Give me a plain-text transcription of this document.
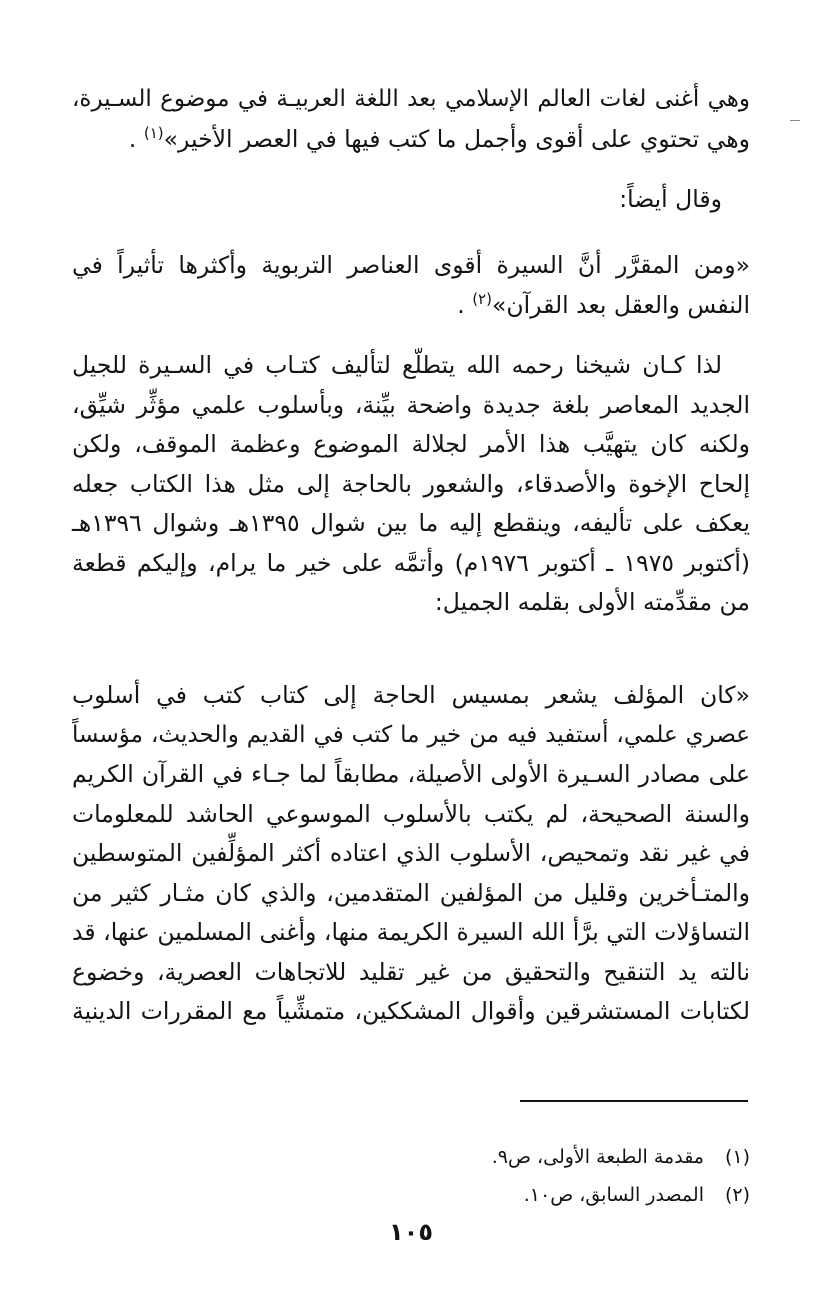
وهي أغنى لغات العالم الإسلامي بعد اللغة العربيـة في موضوع السـيرة،
وهي تحتوي على أقوى وأجمل ما كتب فيها في العصر الأخير»$^{(١)}$ .
وقال أيضاً:
«ومن المقرَّر أنَّ السيرة أقوى العناصر التربوية وأكثرها تأثيراً في
النفس والعقل بعد القرآن»$^{(٢)}$ .
لذا كـان شيخنا رحمه الله يتطلّع لتأليف كتـاب في السـيرة للجيل
الجديد المعاصر بلغة جديدة واضحة بيِّنة، وبأسلوب علمي مؤثِّر شيِّق،
ولكنه كان يتهيَّب هذا الأمر لجلالة الموضوع وعظمة الموقف، ولكن
إلحاح الإخوة والأصدقاء، والشعور بالحاجة إلى مثل هذا الكتاب جعله
يعكف على تأليفه، وينقطع إليه ما بين شوال ١٣٩٥هـ وشوال ١٣٩٦هـ
(أكتوبر ١٩٧٥ ـ أكتوبر ١٩٧٦م) وأتمَّه على خير ما يرام، وإليكم قطعة
من مقدِّمته الأولى بقلمه الجميل:
«كان المؤلف يشعر بمسيس الحاجة إلى كتاب كتب في أسلوب
عصري علمي، أستفيد فيه من خير ما كتب في القديم والحديث، مؤسساً
على مصادر السـيرة الأولى الأصيلة، مطابقاً لما جـاء في القرآن الكريم
والسنة الصحيحة، لم يكتب بالأسلوب الموسوعي الحاشد للمعلومات
في غير نقد وتمحيص، الأسلوب الذي اعتاده أكثر المؤلِّفين المتوسطين
والمتـأخرين وقليل من المؤلفين المتقدمين، والذي كان مثـار كثير من
التساؤلات التي برَّأ الله السيرة الكريمة منها، وأغنى المسلمين عنها، قد
نالته يد التنقيح والتحقيق من غير تقليد للاتجاهات العصرية، وخضوع
لكتابات المستشرقين وأقوال المشككين، متمشِّياً مع المقررات الدينية
(١)مقدمة الطبعة الأولى، ص٩.
(٢)المصدر السابق، ص١٠.
١٠٥
